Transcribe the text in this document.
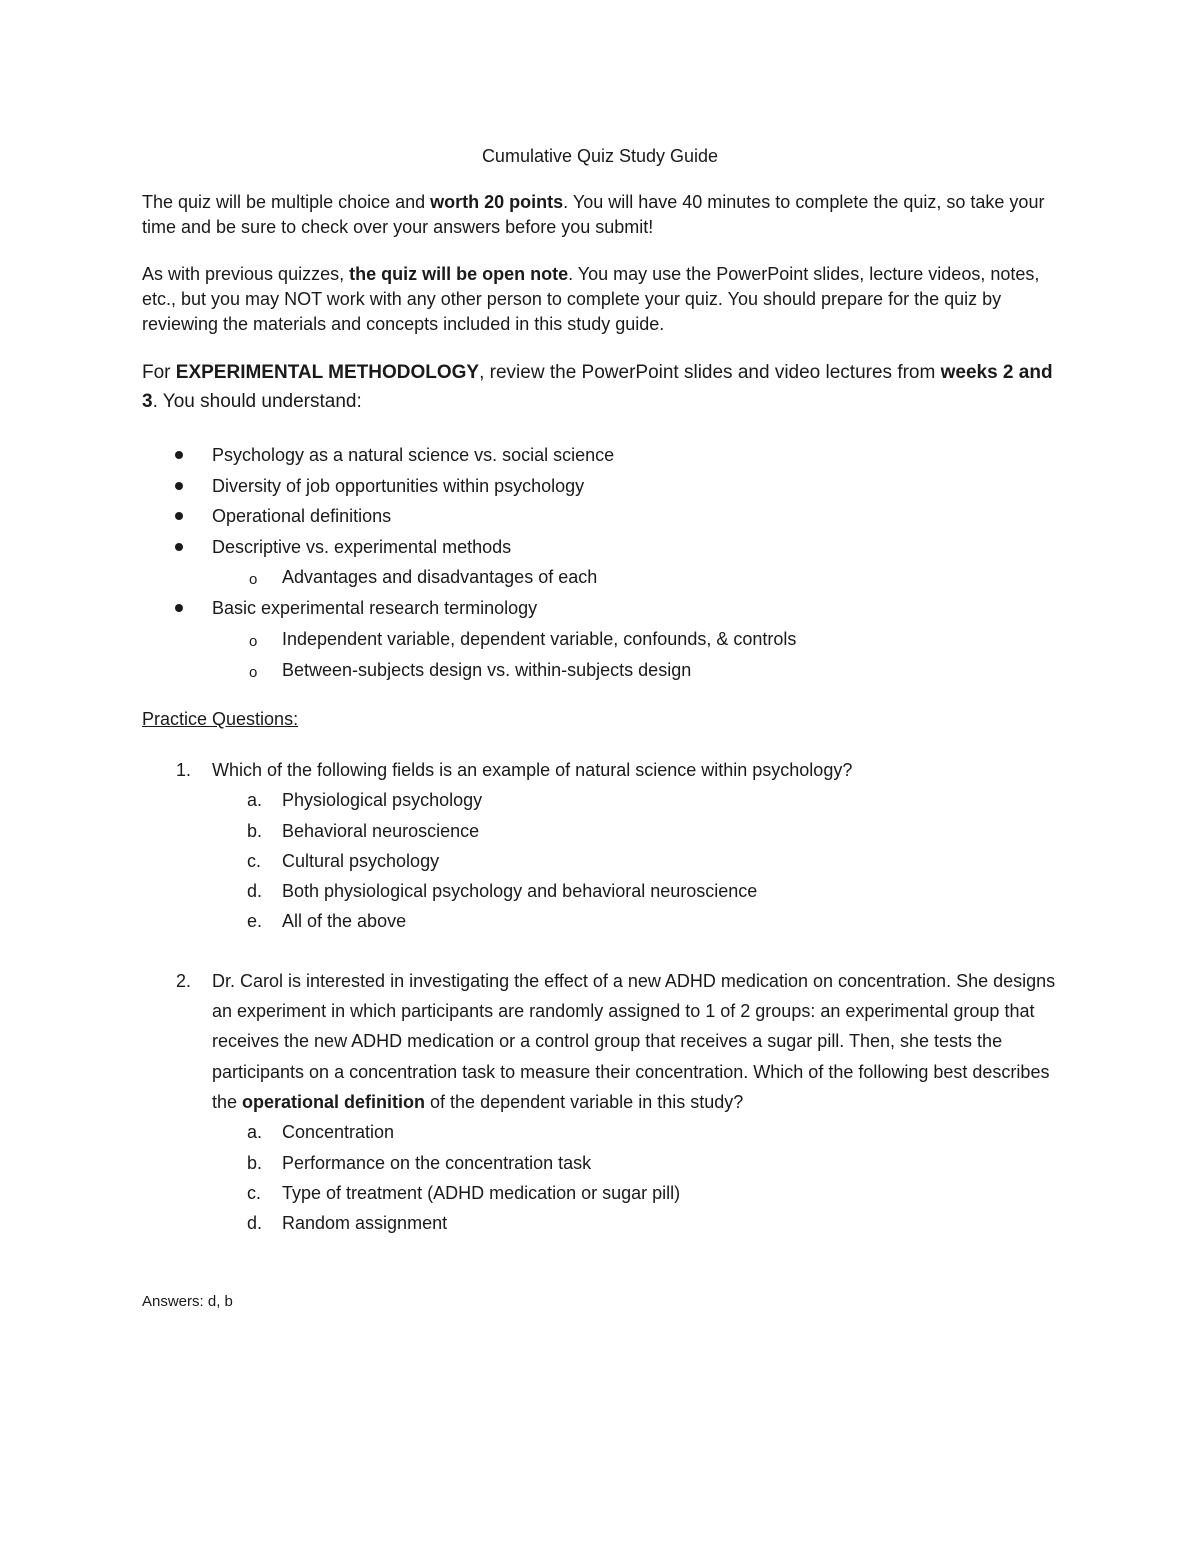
Cumulative Quiz Study Guide

The quiz will be multiple choice and worth 20 points. You will have 40 minutes to complete the quiz, so take your time and be sure to check over your answers before you submit!

As with previous quizzes, the quiz will be open note. You may use the PowerPoint slides, lecture videos, notes, etc., but you may NOT work with any other person to complete your quiz. You should prepare for the quiz by reviewing the materials and concepts included in this study guide.

For EXPERIMENTAL METHODOLOGY, review the PowerPoint slides and video lectures from weeks 2 and 3. You should understand:

Psychology as a natural science vs. social science
Diversity of job opportunities within psychology
Operational definitions
Descriptive vs. experimental methods
o Advantages and disadvantages of each
Basic experimental research terminology
o Independent variable, dependent variable, confounds, & controls
o Between-subjects design vs. within-subjects design
Practice Questions:
1. Which of the following fields is an example of natural science within psychology?
a. Physiological psychology
b. Behavioral neuroscience
c. Cultural psychology
d. Both physiological psychology and behavioral neuroscience
e. All of the above
2. Dr. Carol is interested in investigating the effect of a new ADHD medication on concentration. She designs an experiment in which participants are randomly assigned to 1 of 2 groups: an experimental group that receives the new ADHD medication or a control group that receives a sugar pill. Then, she tests the participants on a concentration task to measure their concentration. Which of the following best describes the operational definition of the dependent variable in this study?
a. Concentration
b. Performance on the concentration task
c. Type of treatment (ADHD medication or sugar pill)
d. Random assignment

Answers: d, b
